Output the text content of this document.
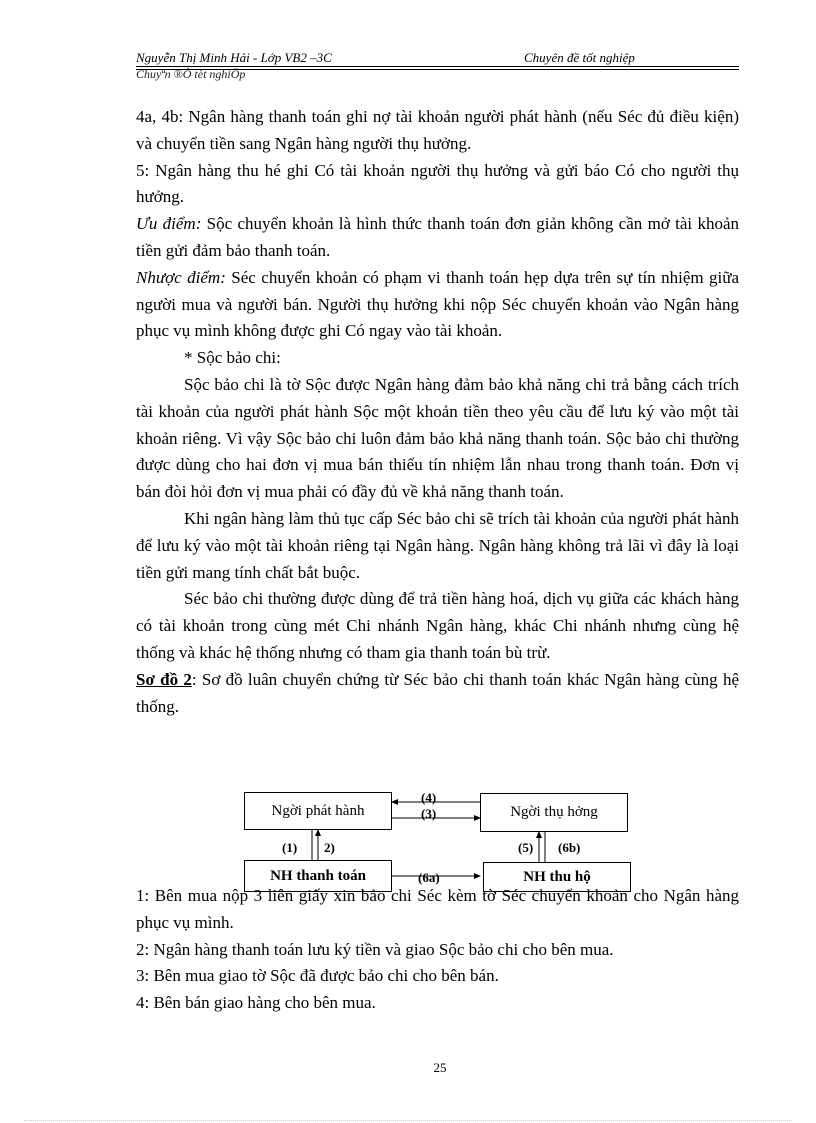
Nguyễn Thị Minh Hải - Lớp VB2 –3C	Chuyên đề tốt nghiệp
Chuyªn ®Ò tèt nghiÖp

4a, 4b: Ngân hàng thanh toán ghi nợ tài khoản người phát hành (nếu Séc đủ điều kiện) và chuyển tiền sang Ngân hàng người thụ hưởng.

5: Ngân hàng thu hé ghi Có tài khoản người thụ hưởng và gửi báo Có cho người thụ hưởng.

Ưu điểm: Sộc chuyển khoản là hình thức thanh toán đơn giản không cần mở tài khoản tiền gửi đảm bảo thanh toán.

Nhược điểm: Séc chuyển khoản có phạm vi thanh toán hẹp dựa trên sự tín nhiệm giữa người mua và người bán. Người thụ hưởng khi nộp Séc chuyển khoản vào Ngân hàng phục vụ mình không được ghi Có ngay vào tài khoản.

* Sộc bảo chi:

Sộc bảo chi là tờ Sộc được Ngân hàng đảm bảo khả năng chi trả bằng cách trích tài khoản của người phát hành Sộc một khoản tiền theo yêu cầu để lưu ký vào một tài khoản riêng. Vì vậy Sộc bảo chi luôn đảm bảo khả năng thanh toán. Sộc bảo chi thường được dùng cho hai đơn vị mua bán thiếu tín nhiệm lẫn nhau trong thanh toán. Đơn vị bán đòi hỏi đơn vị mua phải có đầy đủ về khả năng thanh toán.

Khi ngân hàng làm thủ tục cấp Séc bảo chi sẽ trích tài khoản của người phát hành để lưu ký vào một tài khoản riêng tại Ngân hàng. Ngân hàng không trả lãi vì đây là loại tiền gửi mang tính chất bắt buộc.

Séc bảo chi thường được dùng để trả tiền hàng hoá, dịch vụ giữa các khách hàng có tài khoản trong cùng mét Chi nhánh Ngân hàng, khác Chi nhánh nhưng cùng hệ thống và khác hệ thống nhưng có tham gia thanh toán bù trừ.

Sơ đồ 2: Sơ đồ luân chuyển chứng từ Séc bảo chi thanh toán khác Ngân hàng cùng hệ thống.

Ngời phát hành	Ngời thụ hởng
NH thanh toán	NH thu hộ
(4)
(3)
(1) 2)	(5) (6b)
(6a)

1: Bên mua nộp 3 liên giấy xin bảo chi Séc kèm tờ Séc chuyển khoản cho Ngân hàng phục vụ mình.

2: Ngân hàng thanh toán lưu ký tiền và giao Sộc bảo chi cho bên mua.

3: Bên mua giao tờ Sộc đã được bảo chi cho bên bán.

4: Bên bán giao hàng cho bên mua.

25
